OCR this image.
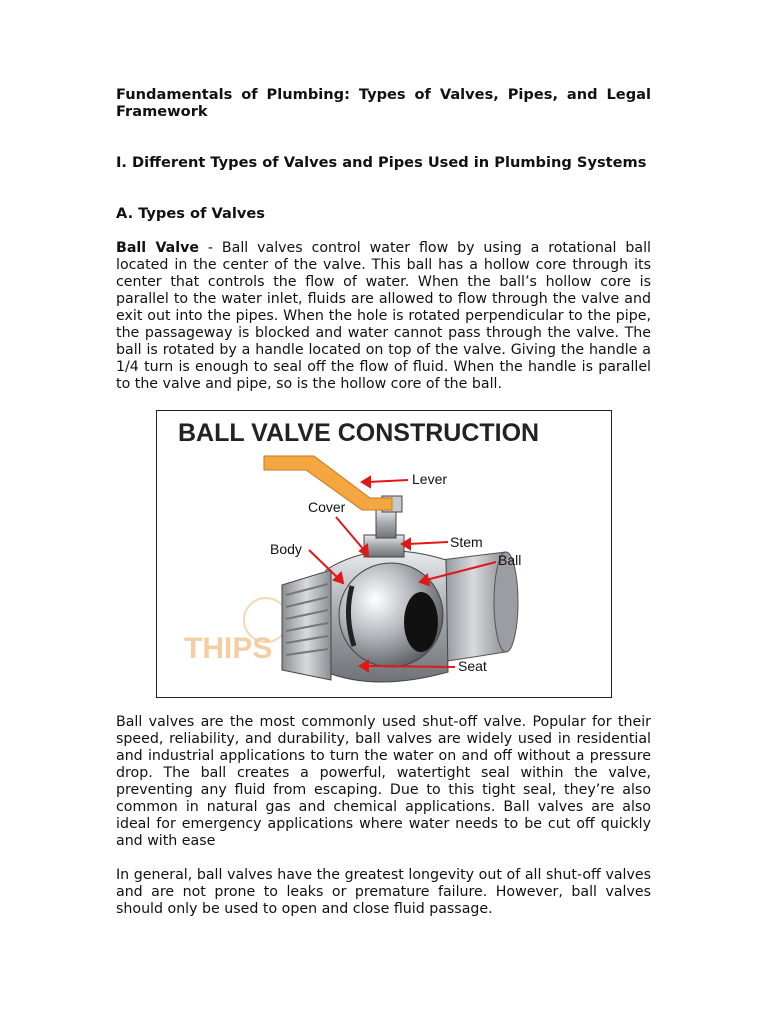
Fundamentals of Plumbing: Types of Valves, Pipes, and Legal Framework

I. Different Types of Valves and Pipes Used in Plumbing Systems

A. Types of Valves

Ball Valve - Ball valves control water flow by using a rotational ball located in the center of the valve. This ball has a hollow core through its center that controls the flow of water. When the ball’s hollow core is parallel to the water inlet, fluids are allowed to flow through the valve and exit out into the pipes. When the hole is rotated perpendicular to the pipe, the passageway is blocked and water cannot pass through the valve. The ball is rotated by a handle located on top of the valve. Giving the handle a 1/4 turn is enough to seal off the flow of fluid. When the handle is parallel to the valve and pipe, so is the hollow core of the ball.

Ball valves are the most commonly used shut-off valve. Popular for their speed, reliability, and durability, ball valves are widely used in residential and industrial applications to turn the water on and off without a pressure drop. The ball creates a powerful, watertight seal within the valve, preventing any fluid from escaping. Due to this tight seal, they’re also common in natural gas and chemical applications. Ball valves are also ideal for emergency applications where water needs to be cut off quickly and with ease

In general, ball valves have the greatest longevity out of all shut-off valves and are not prone to leaks or premature failure. However, ball valves should only be used to open and close fluid passage.

BALL VALVE CONSTRUCTION
THIPS
Lever
Cover
Stem
Body
Ball
Seat
